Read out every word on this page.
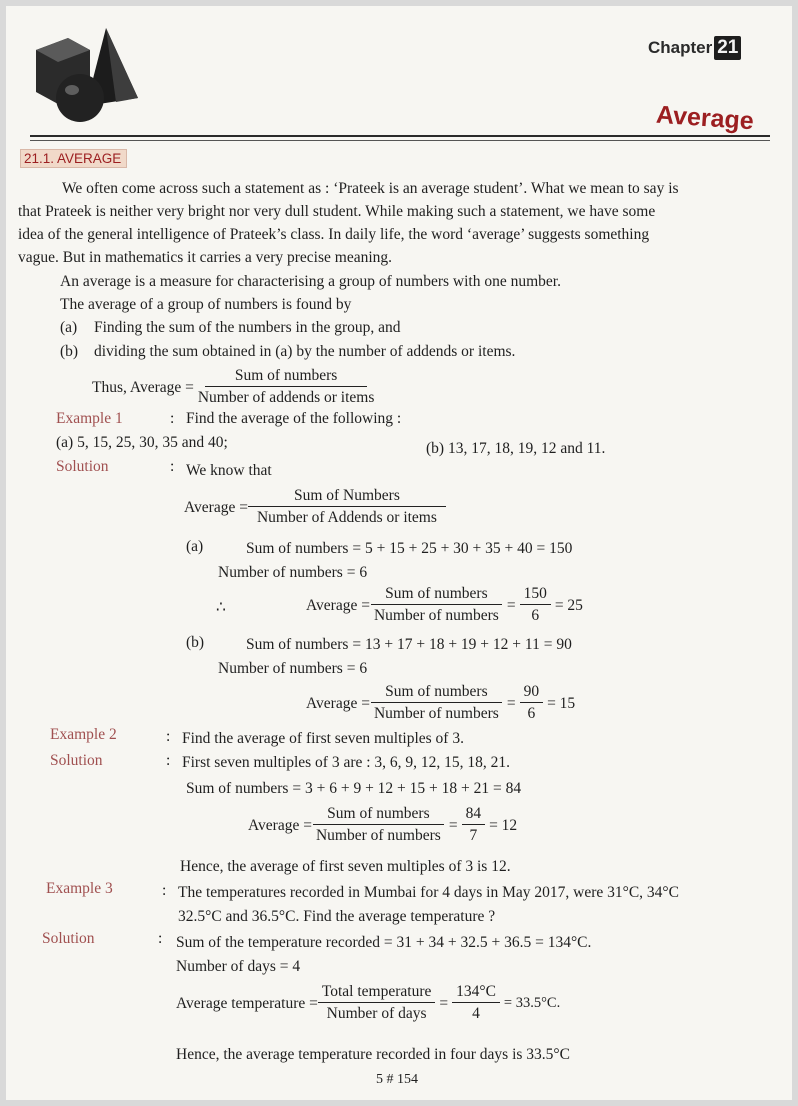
Chapter 21
Average
21.1. AVERAGE
We often come across such a statement as : ‘Prateek is an average student’. What we mean to say is
that Prateek is neither very bright nor very dull student. While making such a statement, we have some
idea of the general intelligence of Prateek’s class. In daily life, the word ‘average’ suggests something
vague. But in mathematics it carries a very precise meaning.
An average is a measure for characterising a group of numbers with one number.
The average of a group of numbers is found by
(a) Finding the sum of the numbers in the group, and
(b) dividing the sum obtained in (a) by the number of addends or items.
Thus, Average = $\frac{\text{Sum of numbers}}{\text{Number of addends or items}}$
Example 1	: Find the average of the following :
(a) 5, 15, 25, 30, 35 and 40;	(b) 13, 17, 18, 19, 12 and 11.
Solution	: We know that
Average = $\frac{\text{Sum of Numbers}}{\text{Number of Addends or items}}$
(a)	Sum of numbers = 5 + 15 + 25 + 30 + 35 + 40 = 150
Number of numbers = 6
∴	Average = $\frac{\text{Sum of numbers}}{\text{Number of numbers}} = \frac{150}{6} = 25$
(b)	Sum of numbers = 13 + 17 + 18 + 19 + 12 + 11 = 90
Number of numbers = 6
Average = $\frac{\text{Sum of numbers}}{\text{Number of numbers}} = \frac{90}{6} = 15$
Example 2	: Find the average of first seven multiples of 3.
Solution	: First seven multiples of 3 are : 3, 6, 9, 12, 15, 18, 21.
Sum of numbers = 3 + 6 + 9 + 12 + 15 + 18 + 21 = 84
Average = $\frac{\text{Sum of numbers}}{\text{Number of numbers}} = \frac{84}{7} = 12$
Hence, the average of first seven multiples of 3 is 12.
Example 3	: The temperatures recorded in Mumbai for 4 days in May 2017, were 31°C, 34°C
32.5°C and 36.5°C. Find the average temperature ?
Solution	: Sum of the temperature recorded = 31 + 34 + 32.5 + 36.5 = 134°C.
Number of days = 4
Average temperature = $\frac{\text{Total temperature}}{\text{Number of days}} = \frac{134^\circ C}{4} = 33.5^\circ C$.
Hence, the average temperature recorded in four days is 33.5°C
5 # 154
